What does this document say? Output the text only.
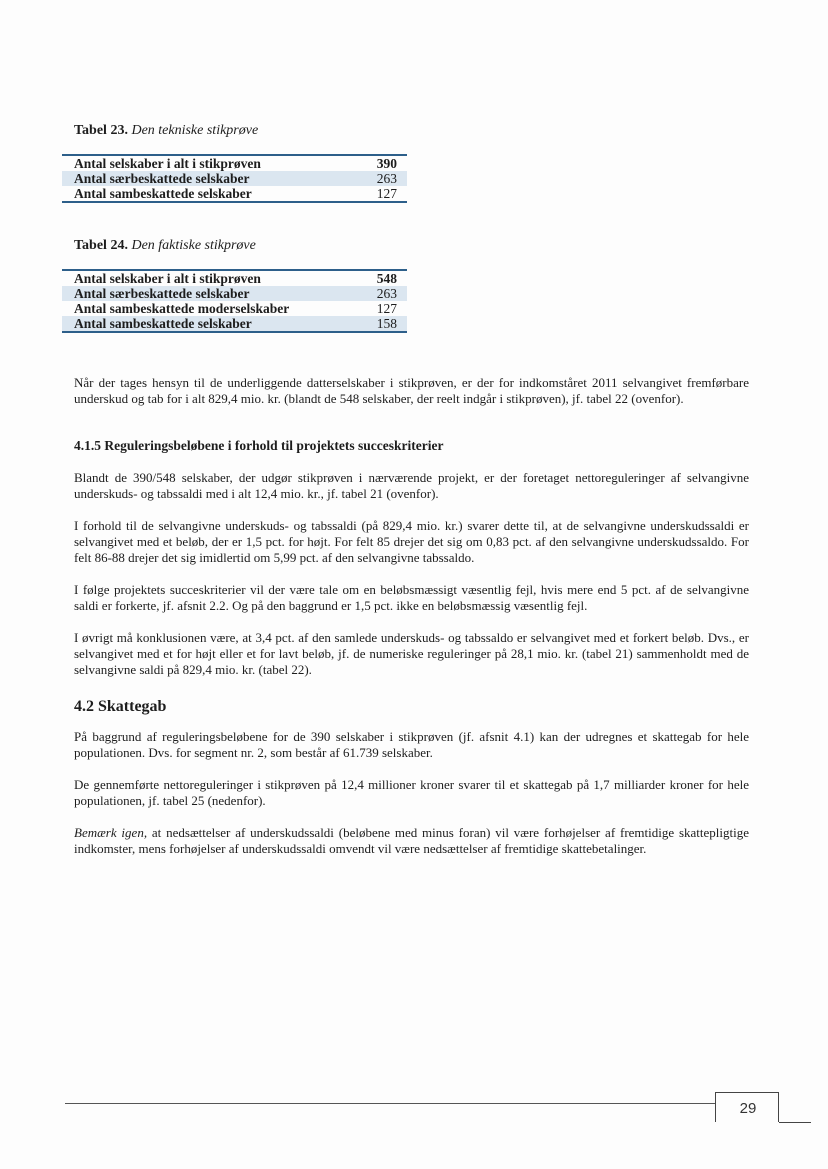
Tabel 23. Den tekniske stikprøve
Antal selskaber i alt i stikprøven	390
Antal særbeskattede selskaber	263
Antal sambeskattede selskaber	127
Tabel 24. Den faktiske stikprøve
Antal selskaber i alt i stikprøven	548
Antal særbeskattede selskaber	263
Antal sambeskattede moderselskaber	127
Antal sambeskattede selskaber	158

Når der tages hensyn til de underliggende datterselskaber i stikprøven, er der for indkomståret 2011 selvangivet fremførbare underskud og tab for i alt 829,4 mio. kr. (blandt de 548 selskaber, der reelt indgår i stikprøven), jf. tabel 22 (ovenfor).

4.1.5 Reguleringsbeløbene i forhold til projektets succeskriterier

Blandt de 390/548 selskaber, der udgør stikprøven i nærværende projekt, er der foretaget nettoreguleringer af selvangivne underskuds- og tabssaldi med i alt 12,4 mio. kr., jf. tabel 21 (ovenfor).

I forhold til de selvangivne underskuds- og tabssaldi (på 829,4 mio. kr.) svarer dette til, at de selvangivne underskudssaldi er selvangivet med et beløb, der er 1,5 pct. for højt. For felt 85 drejer det sig om 0,83 pct. af den selvangivne underskudssaldo. For felt 86-88 drejer det sig imidlertid om 5,99 pct. af den selvangivne tabssaldo.

I følge projektets succeskriterier vil der være tale om en beløbsmæssigt væsentlig fejl, hvis mere end 5 pct. af de selvangivne saldi er forkerte, jf. afsnit 2.2. Og på den baggrund er 1,5 pct. ikke en beløbsmæssig væsentlig fejl.

I øvrigt må konklusionen være, at 3,4 pct. af den samlede underskuds- og tabssaldo er selvangivet med et forkert beløb. Dvs., er selvangivet med et for højt eller et for lavt beløb, jf. de numeriske reguleringer på 28,1 mio. kr. (tabel 21) sammenholdt med de selvangivne saldi på 829,4 mio. kr. (tabel 22).

4.2 Skattegab

På baggrund af reguleringsbeløbene for de 390 selskaber i stikprøven (jf. afsnit 4.1) kan der udregnes et skattegab for hele populationen. Dvs. for segment nr. 2, som består af 61.739 selskaber.

De gennemførte nettoreguleringer i stikprøven på 12,4 millioner kroner svarer til et skattegab på 1,7 milliarder kroner for hele populationen, jf. tabel 25 (nedenfor).

Bemærk igen, at nedsættelser af underskudssaldi (beløbene med minus foran) vil være forhøjelser af fremtidige skattepligtige indkomster, mens forhøjelser af underskudssaldi omvendt vil være nedsættelser af fremtidige skattebetalinger.

29
